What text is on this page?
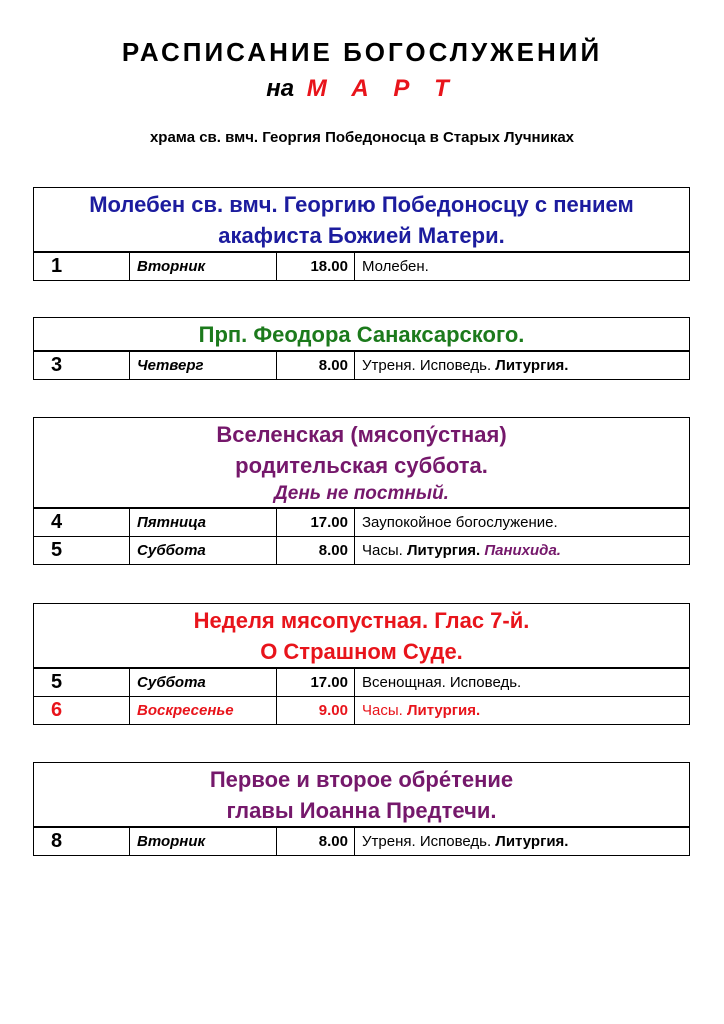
РАСПИСАНИЕ БОГОСЛУЖЕНИЙ
на М А Р Т
храма св. вмч. Георгия Победоносца в Старых Лучниках
Молебен св. вмч. Георгию Победоносцу с пением
акафиста Божией Матери.
1	Вторник	18.00 Молебен.
Прп. Феодора Санаксарского.
3	Четверг	8.00 Утреня. Исповедь.
Литургия.
Вселенская (мясопу́стная)
родительская суббота.
День не постный.
4	Пятница	17.00 Заупокойное богослужение.
5	Суббота	8.00 Часы.
Литургия.
Панихида.
Неделя мясопустная. Глас 7-й.
О Страшном Суде.
5	Суббота	17.00 Всенощная. Исповедь.
6	Воскресенье	9.00 Часы.
Литургия.
Первое и второе обре́тение
главы Иоанна Предтечи.
8	Вторник	8.00 Утреня. Исповедь.
Литургия.
